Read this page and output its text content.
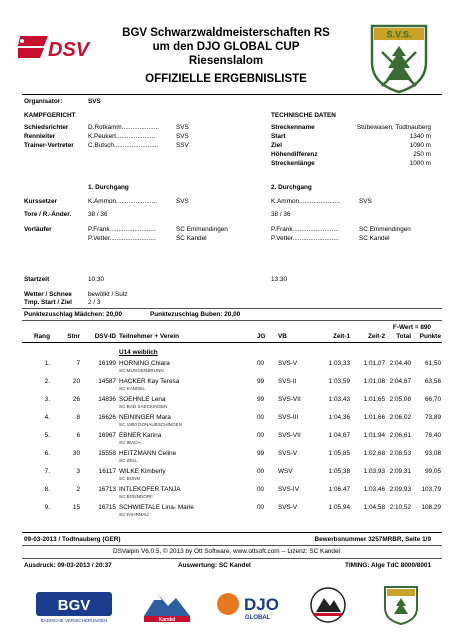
DSV
BGV Schwarzwaldmeisterschaften RS
um den DJO GLOBAL CUP
Riesenslalom
OFFIZIELLE ERGEBNISLISTE
S.V.S.
Organisator:	SVS
KAMPFGERICHT
Schiedsrichter	D.Rotkamm.....................	SVS
Rennleiter	K.Peukert......................	SVS
Trainer-Vertreter C.Butsch.........................	SSV
TECHNISCHE DATEN
Streckenname	Stübewasen, Todtnauberg
Start	1340 m
Ziel	1090 m
Höhendifferenz	250 m
Streckenlänge	1000 m
1. Durchgang	2. Durchgang
Kurssetzer	K.Ammon.......................	SVS	K.Ammon.......................	SVS
Tore / R.-Änder.	38 / 36	38 / 36
Vorläufer	P.Frank..........................	SC Emmendingen
P.Vetter..........................	SC Kandel
P.Frank..........................	SC Emmendingen
P.Vetter..........................	SC Kandel
Startzeit	10:30	13:30
Wetter / Schnee	bewölkt / Sulz
Tmp. Start / Ziel	2 / 3
Punktezuschlag Mädchen: 20,00	Punktezuschlag Buben: 20,00
F-Wert = 890
Rang	Stnr DSV-ID Teilnehmer + Verein	JG VB	Zeit-1	Zeit-2 Total Punkte
U14 weiblich
1.	7	16199 HORNING Chiara	00 SVS-V	1:03,33 1:01,07 2:04,40 61,50
SC MUGGENBRUNN
2.	20	14587 HACKER Kay Teresa	99 SVS-II	1:03,59 1:01,08 2:04,67 63,56
SC KANDEL
3.	26	14836 SOEHNLE Lena	99 SVS-VII	1:03,43 1:01,65 2:05,08 66,70
SC BAD SAECKINGEN
4.	8	16626 NEININGER Mara	00 SVS-III	1:04,36 1:01,66 2:06,02 73,89
SC 1900 DONAUESCHINGEN
5.	6	16967 EBNER Karina	00 SVS-VII	1:04,67 1:01,94 2:06,61 78,40
SC IBACH
6.	30	15558 HEITZMANN Celine	99 SVS-V	1:05,85 1:02,68 2:08,53 93,08
SC ZELL
7.	3	16117 WILKE Kimberly	00 WSV	1:05,38 1:03,93 2:09,31 99,05
SC BONN
8.	2	16713 INTLEKOFER TANJA	00 SVS-IV	1:06,47 1:03,46 2:09,93 103,79
SC BONNDORF
9.	15	16715 SCHWIETALE Lina- Marie	00 SVS-V	1:05,94 1:04,58 2:10,52 108,29
SC FAHRNAU
09-03-2013 / Todtnauberg (GER)	Bewerbsnummer 3257MRBR, Seite 1/9
DSValpin V6.0.5, © 2013 by Ott Software, www.ottsoft.com -- Lizenz: SC Kandel
Ausdruck: 09-03-2013 / 20:37	Auswertung: SC Kandel	TIMING: Alge TdC 8000/8001
BGV
BADISCHE VERSICHERUNGEN	Kandel
DJO
GLOBAL
